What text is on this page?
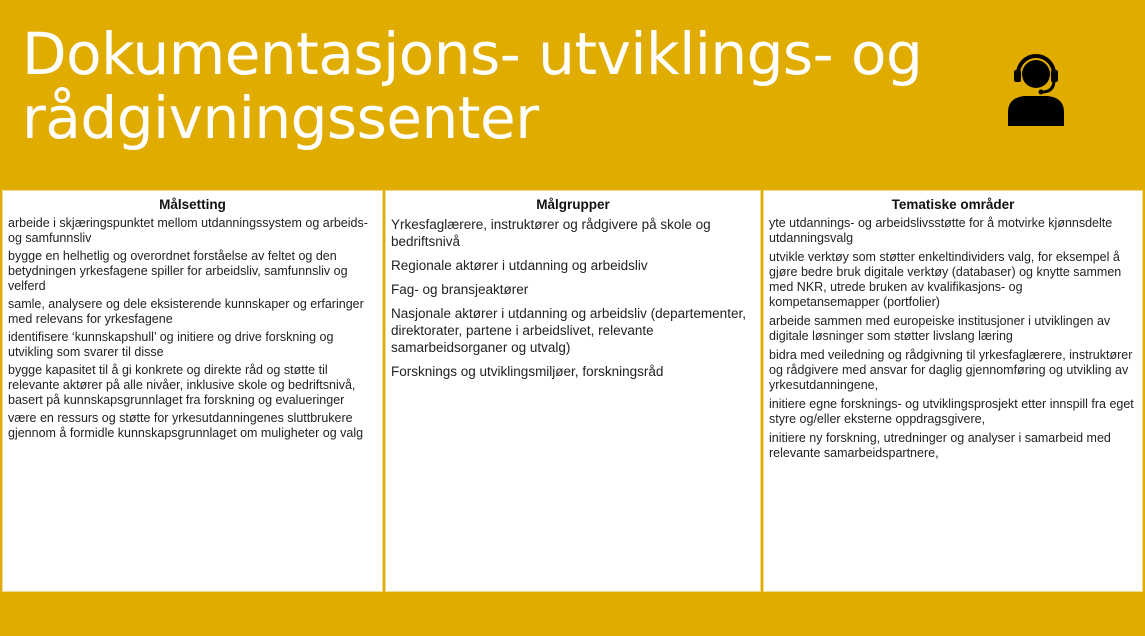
Dokumentasjons- utviklings- og rådgivningssenter
Målsetting
arbeide i skjæringspunktet mellom utdanningssystem og arbeids- og samfunnsliv
bygge en helhetlig og overordnet forståelse av feltet og den betydningen yrkesfagene spiller for arbeidsliv, samfunnsliv og velferd
samle, analysere og dele eksisterende kunnskaper og erfaringer med relevans for yrkesfagene
identifisere ‘kunnskapshull’ og initiere og drive forskning og utvikling som svarer til disse
bygge kapasitet til å gi konkrete og direkte råd og støtte til relevante aktører på alle nivåer, inklusive skole og bedriftsnivå, basert på kunnskapsgrunnlaget fra forskning og evalueringer
være en ressurs og støtte for yrkesutdanningenes sluttbrukere gjennom å formidle kunnskapsgrunnlaget om muligheter og valg
Målgrupper
Yrkesfaglærere, instruktører og rådgivere på skole og bedriftsnivå
Regionale aktører i utdanning og arbeidsliv
Fag- og bransjeaktører
Nasjonale aktører i utdanning og arbeidsliv (departementer, direktorater, partene i arbeidslivet, relevante samarbeidsorganer og utvalg)
Forsknings og utviklingsmiljøer, forskningsråd
Tematiske områder
yte utdannings- og arbeidslivsstøtte for å motvirke kjønnsdelte utdanningsvalg
utvikle verktøy som støtter enkeltindividers valg, for eksempel å gjøre bedre bruk digitale verktøy (databaser) og knytte sammen med NKR, utrede bruken av kvalifikasjons- og kompetansemapper (portfolier)
arbeide sammen med europeiske institusjoner i utviklingen av digitale løsninger som støtter livslang læring
bidra med veiledning og rådgivning til yrkesfaglærere, instruktører og rådgivere med ansvar for daglig gjennomføring og utvikling av yrkesutdanningene,
initiere egne forsknings- og utviklingsprosjekt etter innspill fra eget styre og/eller eksterne oppdragsgivere,
initiere ny forskning, utredninger og analyser i samarbeid med relevante samarbeidspartnere,
